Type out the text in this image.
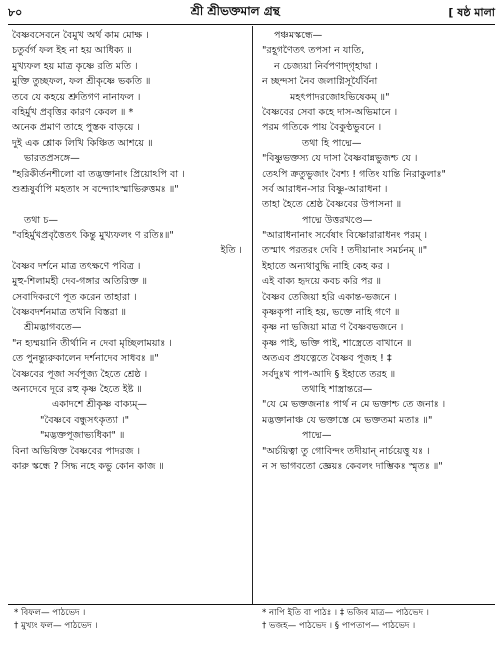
৮০	শ্রী শ্রীভক্তমাল গ্রন্থ	[ ষষ্ঠ মালা
বৈষ্ণবসেবনে বৈমুখ অর্থ কাম মোক্ষ ।
চতুর্বর্গ ফল ইহ না হয় আধিক্য ॥
মুখ্যফল হয় মাত্র কৃষ্ণে রতি মতি ।
মুক্তি তুচ্ছফল, ফল শ্রীকৃষ্ণে ভকতি ॥
তবে যে কহয়ে শ্রুতিগণ নানাফল ।
বহির্মুখ প্রবৃত্তির কারণ কেবল ॥ *
অনেক প্রমাণ তাহে পুস্তক বাড়য়ে ।
দুই এক শ্লোক লিখি কিঞ্চিত আশয়ে ॥
ভারতপ্রসঙ্গে—
"হরিকীর্তনশীলো বা তদ্ভক্তানাং প্রিয়োঽপি বা ।
শুশ্রূষুর্বাপি মহতাং স বন্দ্যোঽস্মাভিরুত্তমঃ ॥"
তথা চ—
"বহির্মুখপ্রবৃত্তৈতৎ কিন্তু মুখ্যফলং ণ রতিঃ॥"
ইতি ।
বৈষ্ণব দর্শনে মাত্র তৎক্ষণে পবিত্র ।
মুহু-শিলামহী দেব-গঙ্গার অতিরিক্ত ॥
সেবাদিকরণে পূত করেন তাহারা ।
বৈষ্ণবদর্শনমাত্র তখনি বিস্তরা ॥
শ্রীমদ্ভাগবতে—
"ন হ্যম্ময়ানি তীর্থানি ন দেবা মৃচ্ছিলাময়াঃ ।
তে পুনন্ত্যুরুকালেন দর্শনাদেব সাধবঃ ॥"
বৈষ্ণবের পূজা সর্বপূজ্য হৈতে শ্রেষ্ঠ ।
অন্যদেবে দূরে রহু কৃষ্ণ হৈতে ইষ্ট ॥
একাদশে শ্রীকৃষ্ণ বাক্যম্—
"বৈষ্ণবে বন্ধুসৎকৃত্যা ।"
"মদ্ভক্তপূজাভ্যধিকা" ॥
বিনা অভিষিক্ত বৈষ্ণবের পাদরজ ।
কারু স্কন্ধে ? সিদ্ধ নহে কভু কোন কাজ ॥
পঞ্চমস্কন্ধে—
"রহূগণৈতৎ তপসা ন যাতি,
ন চেজ্যয়া নির্বপণাদ্‌গৃহাদ্বা ।
ন চ্ছন্দসা নৈব জলাগ্নিসূর্যৈর্বিনা
মহৎপাদরজোঽভিষেকম্ ॥"
বৈষ্ণবের সেবা কহে দাস-অভিমানে ।
পরম গতিকে পায় বৈকুণ্ঠভুবনে ।
তথা হি পাদ্মে—
"বিষ্ণুভক্তস্য যে দাসা বৈষ্ণবান্নভুজশ্চ যে ।
তেঽপি ক্রতুভুজাং বৈশ্য ! গতিং যান্তি নিরাকুলাঃ"
সর্ব আরাধন-সার বিষ্ণু-আরাধনা ।
তাহা হৈতে শ্রেষ্ঠ বৈষ্ণবের উপাসনা ॥
পাদ্মে উত্তরখণ্ডে—
"আরাধনানাং সর্বেষাং বিষ্ণোরারাধনং পরম্ ।
তস্মাৎ পরতরং দেবি ! তদীয়ানাং সমর্চনম্ ॥"
ইহাতে অন্যথাবুদ্ধি নাহি কেহ কর ।
এই বাক্য হৃদয়ে কবচ করি পর ॥
বৈষ্ণব তেজিয়া হরি একান্ত-ভজনে ।
কৃষ্ণকৃপা নাহি হয়, ভক্তে নাহি গণে ॥
কৃষ্ণ না ভজিয়া মাত্র ণ বৈষ্ণবভজনে ।
কৃষ্ণ পাই, ভক্তি পাই, শাস্ত্রেতে বাখানে ॥
অতএব প্রযত্নেতে বৈষ্ণব পূজহ ! ‡
সর্বদুঃখ পাপ-আদি § ইহাতে তরহ ॥
তথাহি শাস্ত্রান্তরে—
"যে মে ভক্তজনাঃ পার্থ ন মে ভক্তাশ্চ তে জনাঃ ।
মদ্ভক্তানাঞ্চ যে ভক্তাস্তে মে ভক্ততমা মতাঃ ॥"
পাদ্মে—
"অর্চয়িত্বা তু গোবিন্দং তদীয়ান্ নার্চয়েত্তু যঃ ।
ন স ভাগবতো জ্ঞেয়ঃ কেবলং দাম্ভিকঃ স্মৃতঃ ॥"
* বিফল— পাঠভেদ ।
† মুখ্যং ফল— পাঠভেদ ।
* নাপি ইতি বা পাঠঃ । ‡ ভজিব মাত্র— পাঠভেদ ।
† ভজহ— পাঠভেদ । § পাপতাপ— পাঠভেদ ।
